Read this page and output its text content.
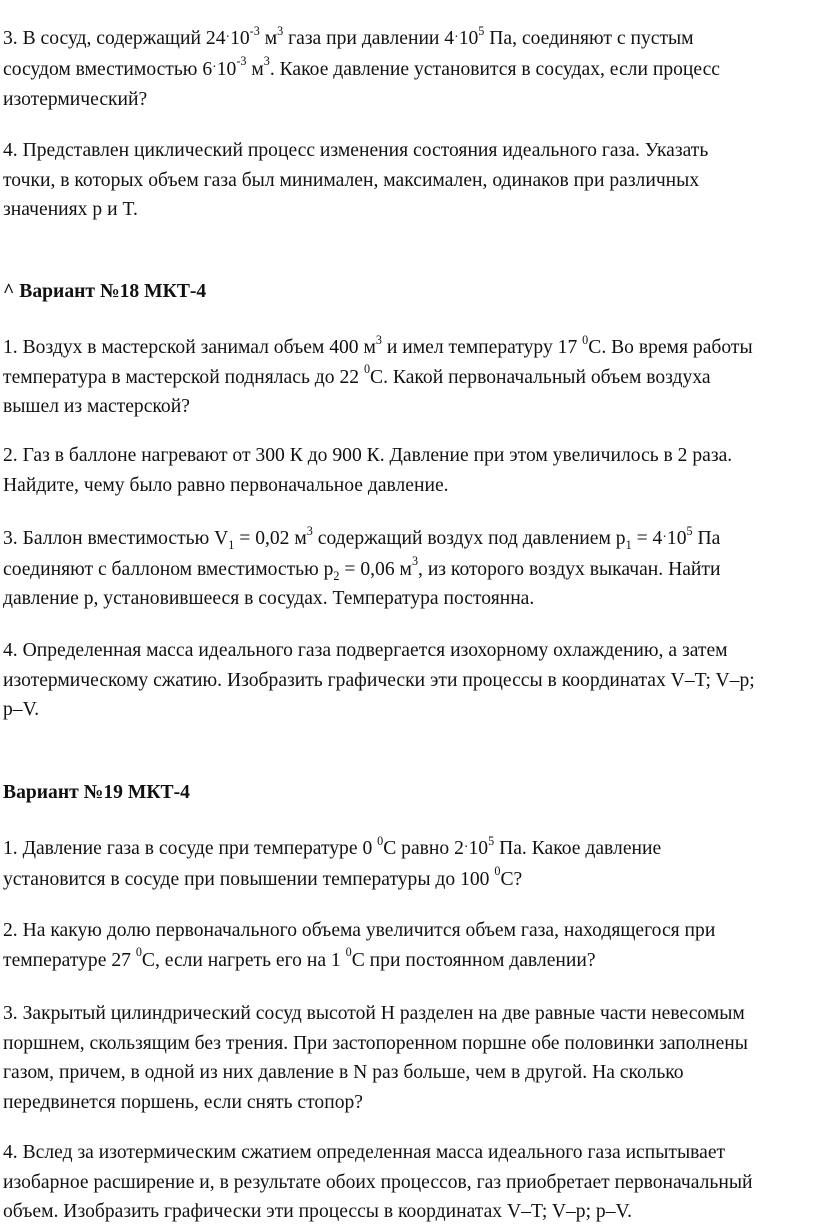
3. В сосуд, содержащий $24\cdot 10^{-3}$ $м^3$ газа при давлении $4\cdot 10^5$ Па, соединяют с пустым
сосудом вместимостью $6\cdot 10^{-3}$ $м^3$. Какое давление установится в сосудах, если процесс
изотермический?
4. Представлен циклический процесс изменения состояния идеального газа. Указать
точки, в которых объем газа был минимален, максимален, одинаков при различных
значениях p и T.
^ Вариант №18 МКТ-4
1. Воздух в мастерской занимал объем 400 $м^3$ и имел температуру 17 $^0$С. Во время работы
температура в мастерской поднялась до 22 $^0$С. Какой первоначальный объем воздуха
вышел из мастерской?
2. Газ в баллоне нагревают от 300 К до 900 К. Давление при этом увеличилось в 2 раза.
Найдите, чему было равно первоначальное давление.
3. Баллон вместимостью $V_1 = 0,02$ $м^3$ содержащий воздух под давлением $p_1 = 4\cdot 10^5$ Па
соединяют с баллоном вместимостью $p_2 = 0,06$ $м^3$, из которого воздух выкачан. Найти
давление p, установившееся в сосудах. Температура постоянна.
4. Определенная масса идеального газа подвергается изохорному охлаждению, а затем
изотермическому сжатию. Изобразить графически эти процессы в координатах V–T; V–p;
p–V.
Вариант №19 МКТ-4
1. Давление газа в сосуде при температуре 0 $^0$С равно $2\cdot 10^5$ Па. Какое давление
установится в сосуде при повышении температуры до 100 $^0$С?
2. На какую долю первоначального объема увеличится объем газа, находящегося при
температуре 27 $^0$С, если нагреть его на 1 $^0$С при постоянном давлении?
3. Закрытый цилиндрический сосуд высотой H разделен на две равные части невесомым
поршнем, скользящим без трения. При застопоренном поршне обе половинки заполнены
газом, причем, в одной из них давление в N раз больше, чем в другой. На сколько
передвинется поршень, если снять стопор?
4. Вслед за изотермическим сжатием определенная масса идеального газа испытывает
изобарное расширение и, в результате обоих процессов, газ приобретает первоначальный
объем. Изобразить графически эти процессы в координатах V–T; V–p; p–V.
